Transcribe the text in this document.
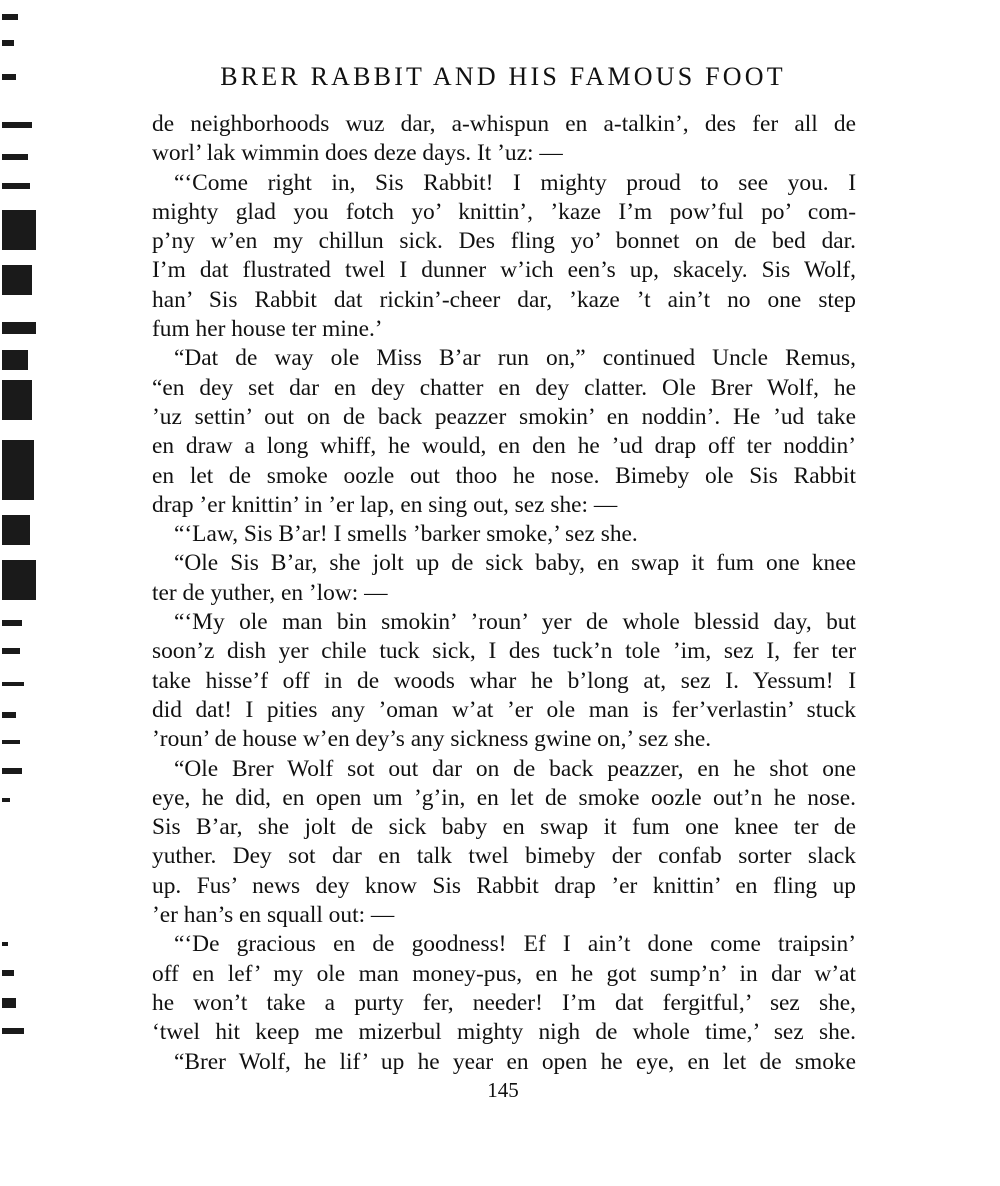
BRER RABBIT AND HIS FAMOUS FOOT
de neighborhoods wuz dar, a-whispun en a-talkin’, des fer all de
worl’ lak wimmin does deze days. It ’uz: —
“‘Come right in, Sis Rabbit! I mighty proud to see you. I
mighty glad you fotch yo’ knittin’, ’kaze I’m pow’ful po’ com-
p’ny w’en my chillun sick. Des fling yo’ bonnet on de bed dar.
I’m dat flustrated twel I dunner w’ich een’s up, skacely. Sis Wolf,
han’ Sis Rabbit dat rickin’-cheer dar, ’kaze ’t ain’t no one step
fum her house ter mine.’
“Dat de way ole Miss B’ar run on,” continued Uncle Remus,
“en dey set dar en dey chatter en dey clatter. Ole Brer Wolf, he
’uz settin’ out on de back peazzer smokin’ en noddin’. He ’ud take
en draw a long whiff, he would, en den he ’ud drap off ter noddin’
en let de smoke oozle out thoo he nose. Bimeby ole Sis Rabbit
drap ’er knittin’ in ’er lap, en sing out, sez she: —
“‘Law, Sis B’ar! I smells ’barker smoke,’ sez she.
“Ole Sis B’ar, she jolt up de sick baby, en swap it fum one knee
ter de yuther, en ’low: —
“‘My ole man bin smokin’ ’roun’ yer de whole blessid day, but
soon’z dish yer chile tuck sick, I des tuck’n tole ’im, sez I, fer ter
take hisse’f off in de woods whar he b’long at, sez I. Yessum! I
did dat! I pities any ’oman w’at ’er ole man is fer’verlastin’ stuck
’roun’ de house w’en dey’s any sickness gwine on,’ sez she.
“Ole Brer Wolf sot out dar on de back peazzer, en he shot one
eye, he did, en open um ’g’in, en let de smoke oozle out’n he nose.
Sis B’ar, she jolt de sick baby en swap it fum one knee ter de
yuther. Dey sot dar en talk twel bimeby der confab sorter slack
up. Fus’ news dey know Sis Rabbit drap ’er knittin’ en fling up
’er han’s en squall out: —
“‘De gracious en de goodness! Ef I ain’t done come traipsin’
off en lef’ my ole man money-pus, en he got sump’n’ in dar w’at
he won’t take a purty fer, needer! I’m dat fergitful,’ sez she,
‘twel hit keep me mizerbul mighty nigh de whole time,’ sez she.
“Brer Wolf, he lif’ up he year en open he eye, en let de smoke
145
